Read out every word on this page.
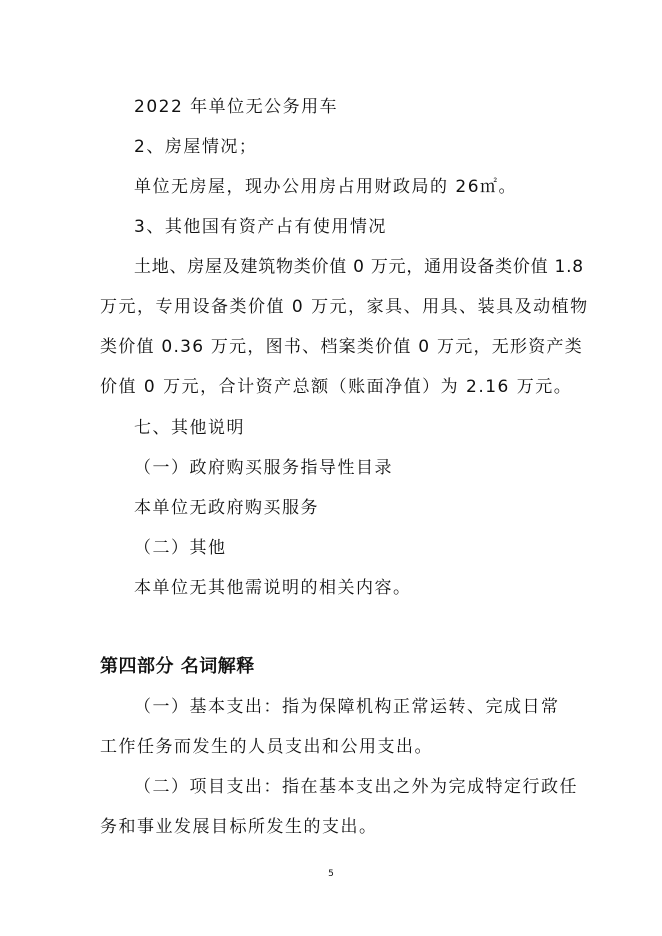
2022 年单位无公务用车
2、房屋情况；
单位无房屋，现办公用房占用财政局的 26㎡。
3、其他国有资产占有使用情况
土地、房屋及建筑物类价值 0 万元，通用设备类价值 1.8
万元，专用设备类价值 0 万元，家具、用具、装具及动植物
类价值 0.36 万元，图书、档案类价值 0 万元，无形资产类
价值 0 万元，合计资产总额（账面净值）为 2.16 万元。
七、其他说明
（一）政府购买服务指导性目录
本单位无政府购买服务
（二）其他
本单位无其他需说明的相关内容。
第四部分 名词解释
（一）基本支出：指为保障机构正常运转、完成日常
工作任务而发生的人员支出和公用支出。
（二）项目支出：指在基本支出之外为完成特定行政任
务和事业发展目标所发生的支出。
5
